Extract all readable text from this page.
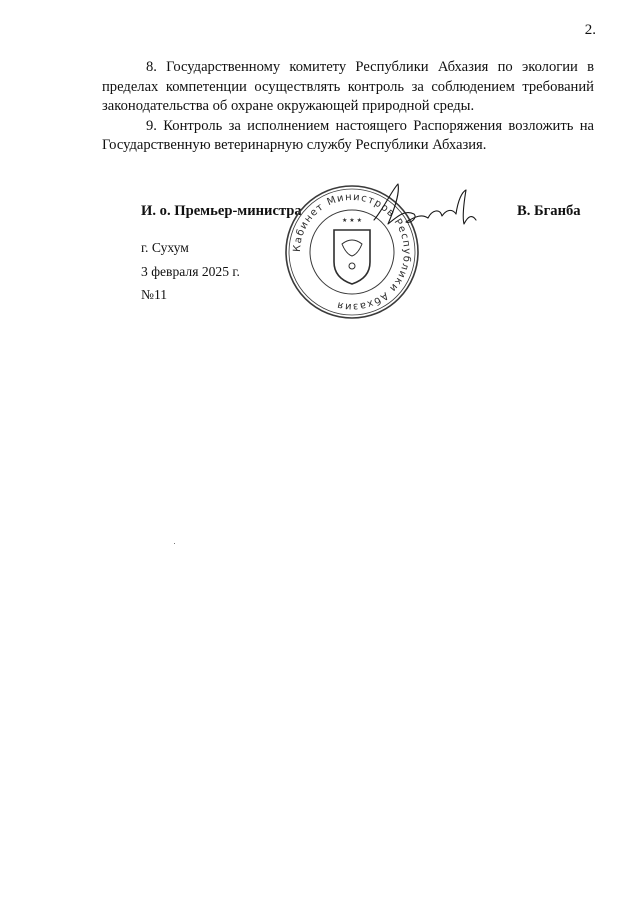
2.

8. Государственному комитету Республики Абхазия по экологии в пределах компетенции осуществлять контроль за соблюдением требований законодательства об охране окружающей природной среды.

9. Контроль за исполнением настоящего Распоряжения возложить на Государственную ветеринарную службу Республики Абхазия.

И. о. Премьер-министра
Кабинет Министров Республики Абхазия
★ ★ ★
В. Бганба
г. Сухум
3 февраля 2025 г.
№11
